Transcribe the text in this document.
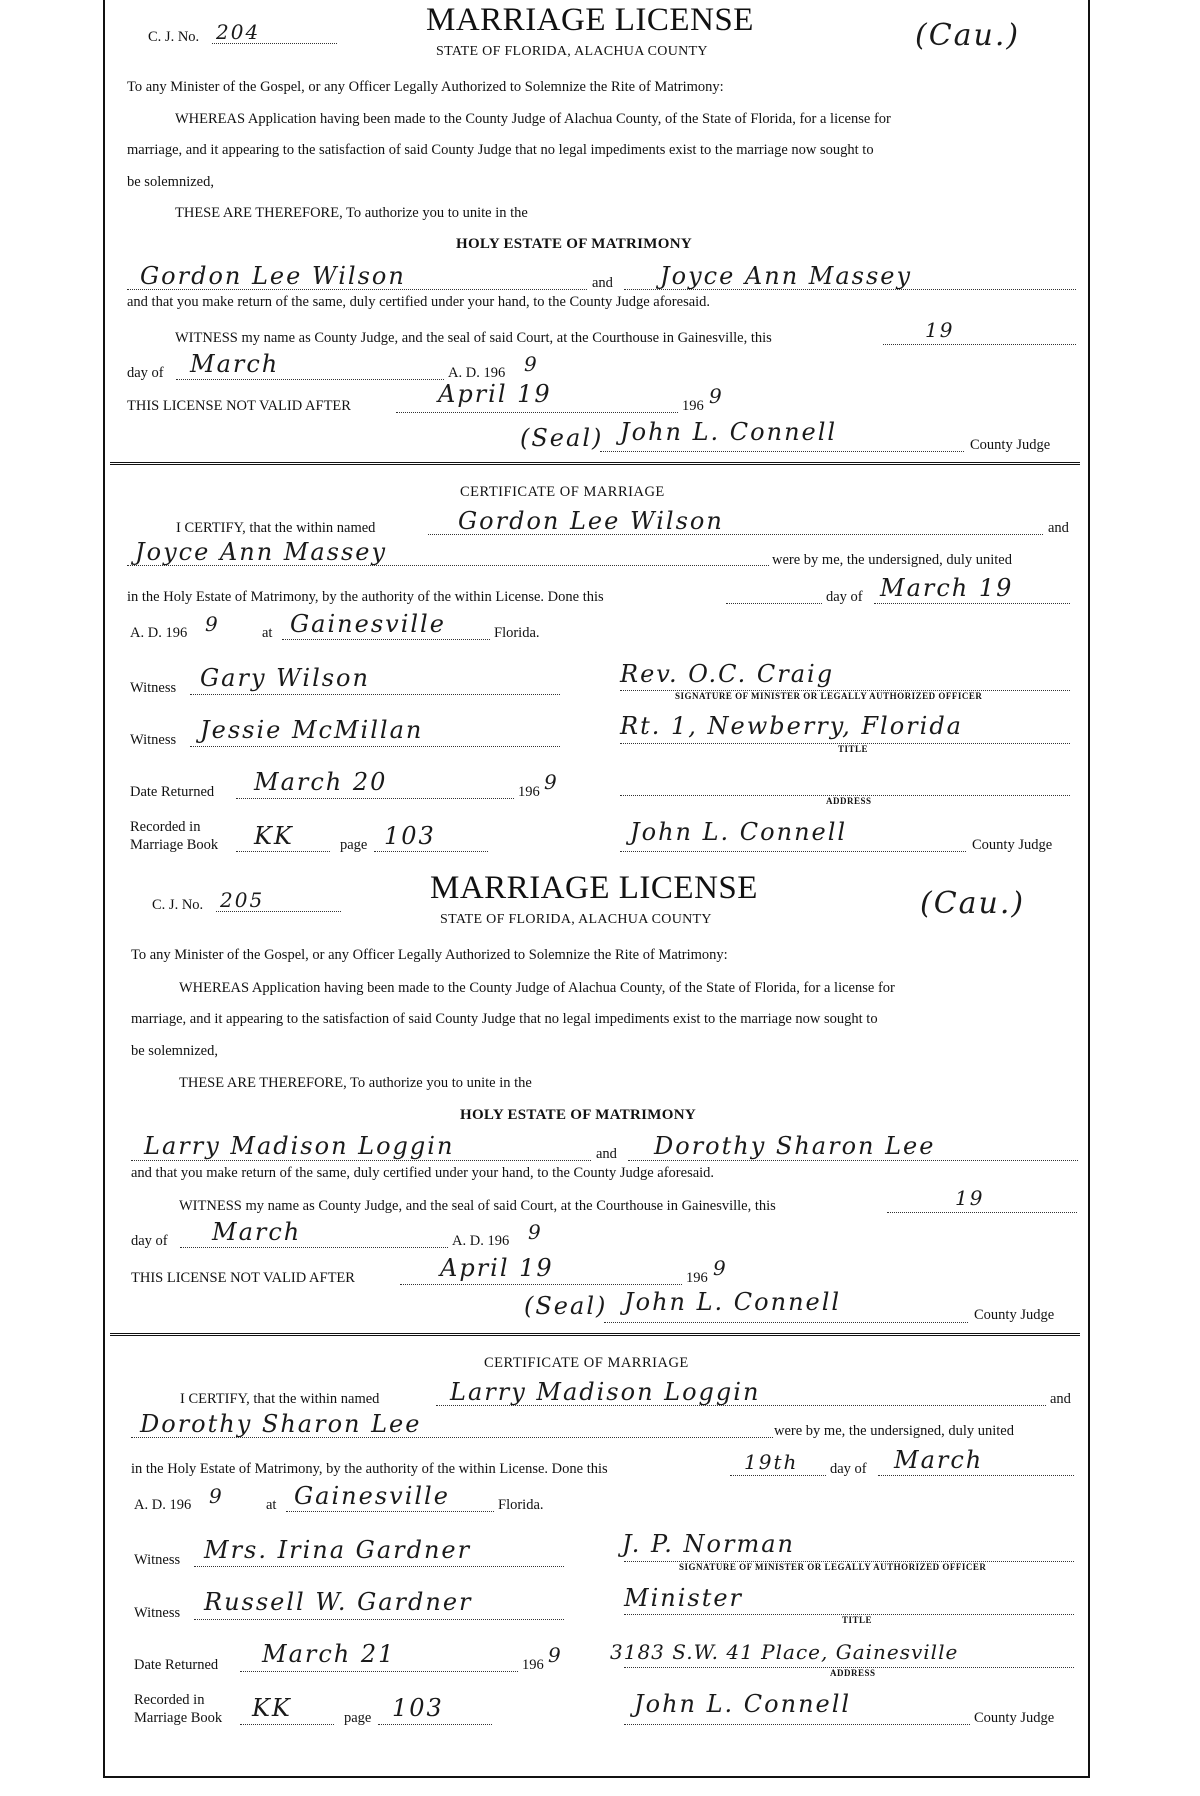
C. J. No. 204	MARRIAGE LICENSE
STATE OF FLORIDA, ALACHUA COUNTY	(Cau.)
To any Minister of the Gospel, or any Officer Legally Authorized to Solemnize the Rite of Matrimony:
WHEREAS Application having been made to the County Judge of Alachua County, of the State of Florida, for a license for
marriage, and it appearing to the satisfaction of said County Judge that no legal impediments exist to the marriage now sought to
be solemnized,
THESE ARE THEREFORE, To authorize you to unite in the
HOLY ESTATE OF MATRIMONY
Gordon Lee Wilson	and Joyce Ann Massey
and that you make return of the same, duly certified under your hand, to the County Judge aforesaid.
WITNESS my name as County Judge, and the seal of said Court, at the Courthouse in Gainesville, this	19
day of March	A. D. 196 9
THIS LICENSE NOT VALID AFTER	April 19	196 9
(Seal) John L. Connell	County Judge
CERTIFICATE OF MARRIAGE
I CERTIFY, that the within named	Gordon Lee Wilson	and
Joyce Ann Massey	were by me, the undersigned, duly united
in the Holy Estate of Matrimony, by the authority of the within License. Done this	day of March 19
A. D. 196 9	at Gainesville	Florida.
Witness Gary Wilson	Rev. O.C. Craig
SIGNATURE OF MINISTER OR LEGALLY AUTHORIZED OFFICER
Witness Jessie McMillan	Rt. 1, Newberry, Florida
TITLE
Date Returned March 20	196 9
ADDRESS
Recorded in
Marriage Book KK	page 103	John L. Connell	County Judge
C. J. No. 205	MARRIAGE LICENSE
STATE OF FLORIDA, ALACHUA COUNTY	(Cau.)
To any Minister of the Gospel, or any Officer Legally Authorized to Solemnize the Rite of Matrimony:
WHEREAS Application having been made to the County Judge of Alachua County, of the State of Florida, for a license for
marriage, and it appearing to the satisfaction of said County Judge that no legal impediments exist to the marriage now sought to
be solemnized,
THESE ARE THEREFORE, To authorize you to unite in the
HOLY ESTATE OF MATRIMONY
Larry Madison Loggin	and Dorothy Sharon Lee
and that you make return of the same, duly certified under your hand, to the County Judge aforesaid.
WITNESS my name as County Judge, and the seal of said Court, at the Courthouse in Gainesville, this	19
day of March	A. D. 196 9
THIS LICENSE NOT VALID AFTER	April 19	196 9
(Seal) John L. Connell	County Judge
CERTIFICATE OF MARRIAGE
I CERTIFY, that the within named	Larry Madison Loggin	and
Dorothy Sharon Lee	were by me, the undersigned, duly united
in the Holy Estate of Matrimony, by the authority of the within License. Done this	19th day of March
A. D. 196 9	at Gainesville	Florida.
Witness Mrs. Irina Gardner	J. P. Norman
SIGNATURE OF MINISTER OR LEGALLY AUTHORIZED OFFICER
Witness Russell W. Gardner	Minister
TITLE
Date Returned March 21	196 9 3183 S.W. 41 Place, Gainesville
ADDRESS
Recorded in
Marriage Book KK	page 103	John L. Connell	County Judge
